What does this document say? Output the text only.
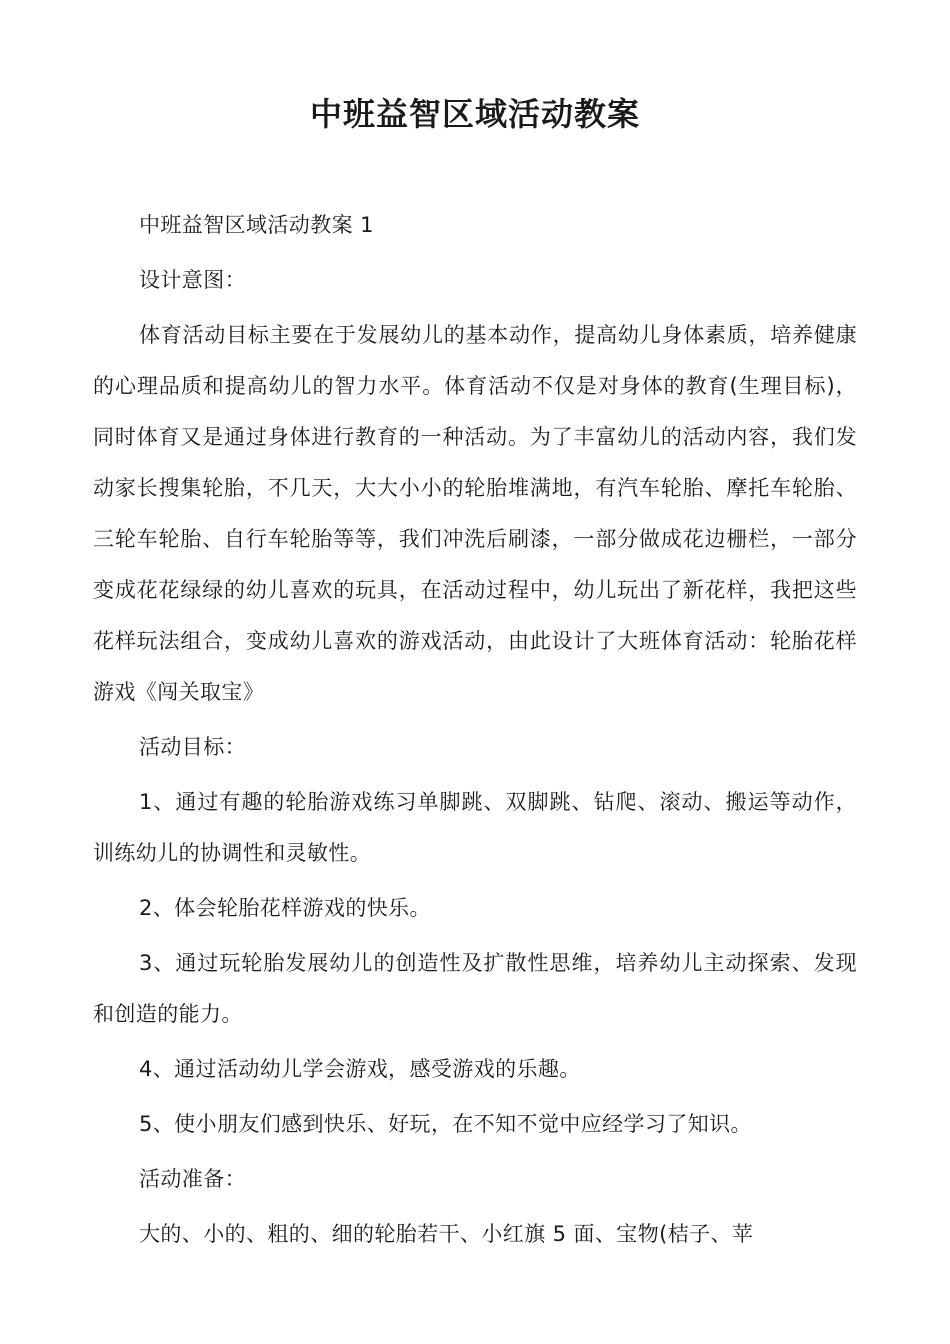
中班益智区域活动教案

中班益智区域活动教案 1

设计意图：

体育活动目标主要在于发展幼儿的基本动作，提高幼儿身体素质，培养健康的心理品质和提高幼儿的智力水平。体育活动不仅是对身体的教育(生理目标)，同时体育又是通过身体进行教育的一种活动。为了丰富幼儿的活动内容，我们发动家长搜集轮胎，不几天，大大小小的轮胎堆满地，有汽车轮胎、摩托车轮胎、三轮车轮胎、自行车轮胎等等，我们冲洗后刷漆，一部分做成花边栅栏，一部分变成花花绿绿的幼儿喜欢的玩具，在活动过程中，幼儿玩出了新花样，我把这些花样玩法组合，变成幼儿喜欢的游戏活动，由此设计了大班体育活动：轮胎花样游戏《闯关取宝》

活动目标：

1、通过有趣的轮胎游戏练习单脚跳、双脚跳、钻爬、滚动、搬运等动作，训练幼儿的协调性和灵敏性。

2、体会轮胎花样游戏的快乐。

3、通过玩轮胎发展幼儿的创造性及扩散性思维，培养幼儿主动探索、发现和创造的能力。

4、通过活动幼儿学会游戏，感受游戏的乐趣。

5、使小朋友们感到快乐、好玩，在不知不觉中应经学习了知识。

活动准备：

大的、小的、粗的、细的轮胎若干、小红旗 5 面、宝物(桔子、苹
